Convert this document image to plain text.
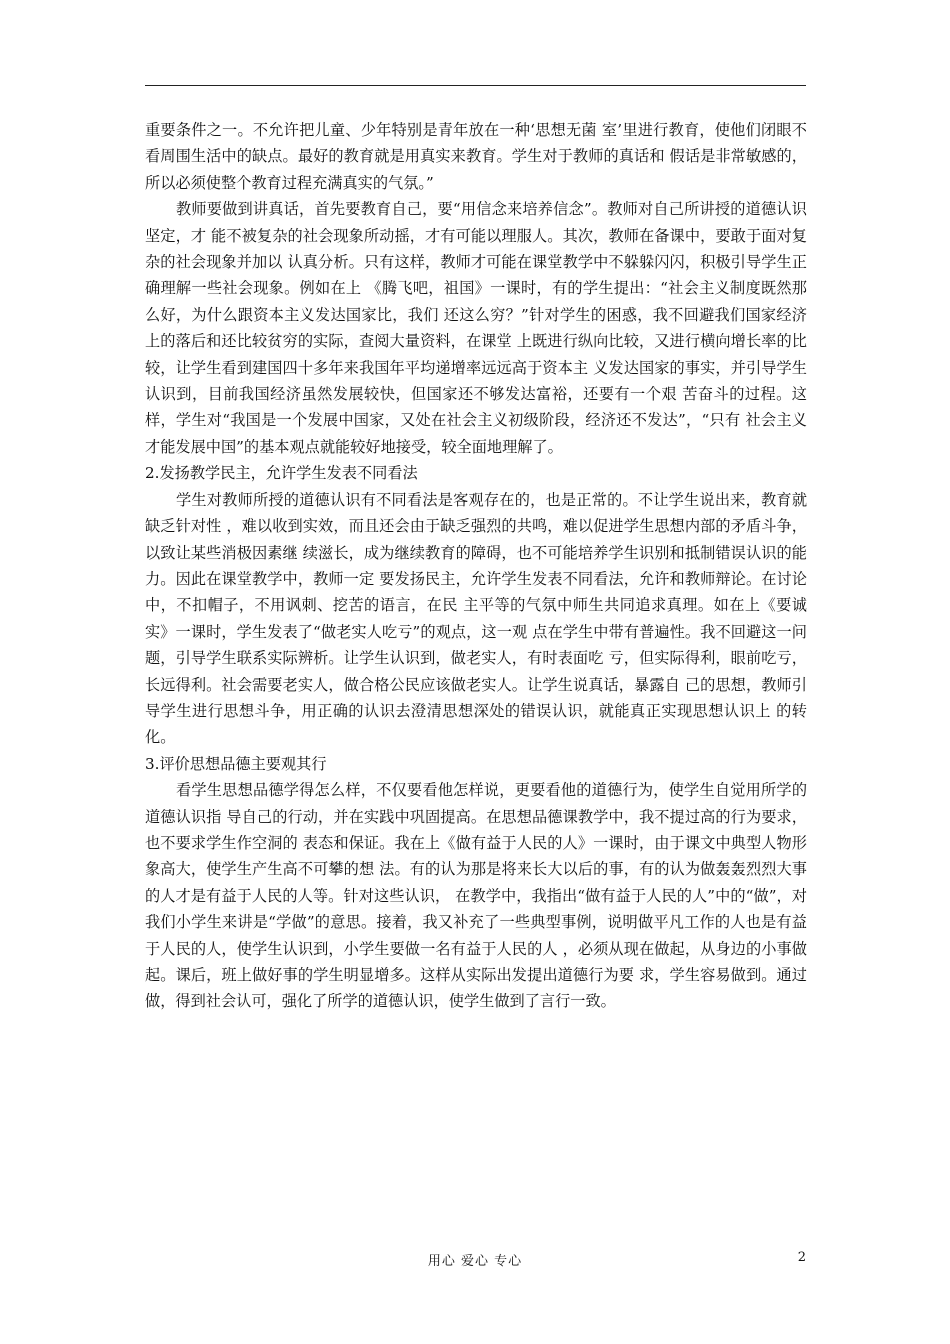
重要条件之一。不允许把儿童、少年特别是青年放在一种‘思想无菌 室’里进行教育，使他们闭眼不看周围生活中的缺点。最好的教育就是用真实来教育。学生对于教师的真话和 假话是非常敏感的，所以必须使整个教育过程充满真实的气氛。”

教师要做到讲真话，首先要教育自己，要“用信念来培养信念”。教师对自己所讲授的道德认识坚定，才 能不被复杂的社会现象所动摇，才有可能以理服人。其次，教师在备课中，要敢于面对复杂的社会现象并加以 认真分析。只有这样，教师才可能在课堂教学中不躲躲闪闪，积极引导学生正确理解一些社会现象。例如在上 《腾飞吧，祖国》一课时，有的学生提出：“社会主义制度既然那么好，为什么跟资本主义发达国家比，我们 还这么穷？”针对学生的困惑，我不回避我们国家经济上的落后和还比较贫穷的实际，查阅大量资料，在课堂 上既进行纵向比较，又进行横向增长率的比较，让学生看到建国四十多年来我国年平均递增率远远高于资本主 义发达国家的事实，并引导学生认识到，目前我国经济虽然发展较快，但国家还不够发达富裕，还要有一个艰 苦奋斗的过程。这样，学生对“我国是一个发展中国家，又处在社会主义初级阶段，经济还不发达”，“只有 社会主义才能发展中国”的基本观点就能较好地接受，较全面地理解了。

2.发扬教学民主，允许学生发表不同看法

学生对教师所授的道德认识有不同看法是客观存在的，也是正常的。不让学生说出来，教育就缺乏针对性 ，难以收到实效，而且还会由于缺乏强烈的共鸣，难以促进学生思想内部的矛盾斗争，以致让某些消极因素继 续滋长，成为继续教育的障碍，也不可能培养学生识别和抵制错误认识的能力。因此在课堂教学中，教师一定 要发扬民主，允许学生发表不同看法，允许和教师辩论。在讨论中，不扣帽子，不用讽刺、挖苦的语言，在民 主平等的气氛中师生共同追求真理。如在上《要诚实》一课时，学生发表了“做老实人吃亏”的观点，这一观 点在学生中带有普遍性。我不回避这一问题，引导学生联系实际辨析。让学生认识到，做老实人，有时表面吃 亏，但实际得利，眼前吃亏，长远得利。社会需要老实人，做合格公民应该做老实人。让学生说真话，暴露自 己的思想，教师引导学生进行思想斗争，用正确的认识去澄清思想深处的错误认识，就能真正实现思想认识上 的转化。

3.评价思想品德主要观其行

看学生思想品德学得怎么样，不仅要看他怎样说，更要看他的道德行为，使学生自觉用所学的道德认识指 导自己的行动，并在实践中巩固提高。在思想品德课教学中，我不提过高的行为要求，也不要求学生作空洞的 表态和保证。我在上《做有益于人民的人》一课时，由于课文中典型人物形象高大，使学生产生高不可攀的想 法。有的认为那是将来长大以后的事，有的认为做轰轰烈烈大事的人才是有益于人民的人等。针对这些认识， 在教学中，我指出“做有益于人民的人”中的“做”，对我们小学生来讲是“学做”的意思。接着，我又补充了一些典型事例，说明做平凡工作的人也是有益于人民的人，使学生认识到，小学生要做一名有益于人民的人 ，必须从现在做起，从身边的小事做起。课后，班上做好事的学生明显增多。这样从实际出发提出道德行为要 求，学生容易做到。通过做，得到社会认可，强化了所学的道德认识，使学生做到了言行一致。

用心 爱心 专心	2
